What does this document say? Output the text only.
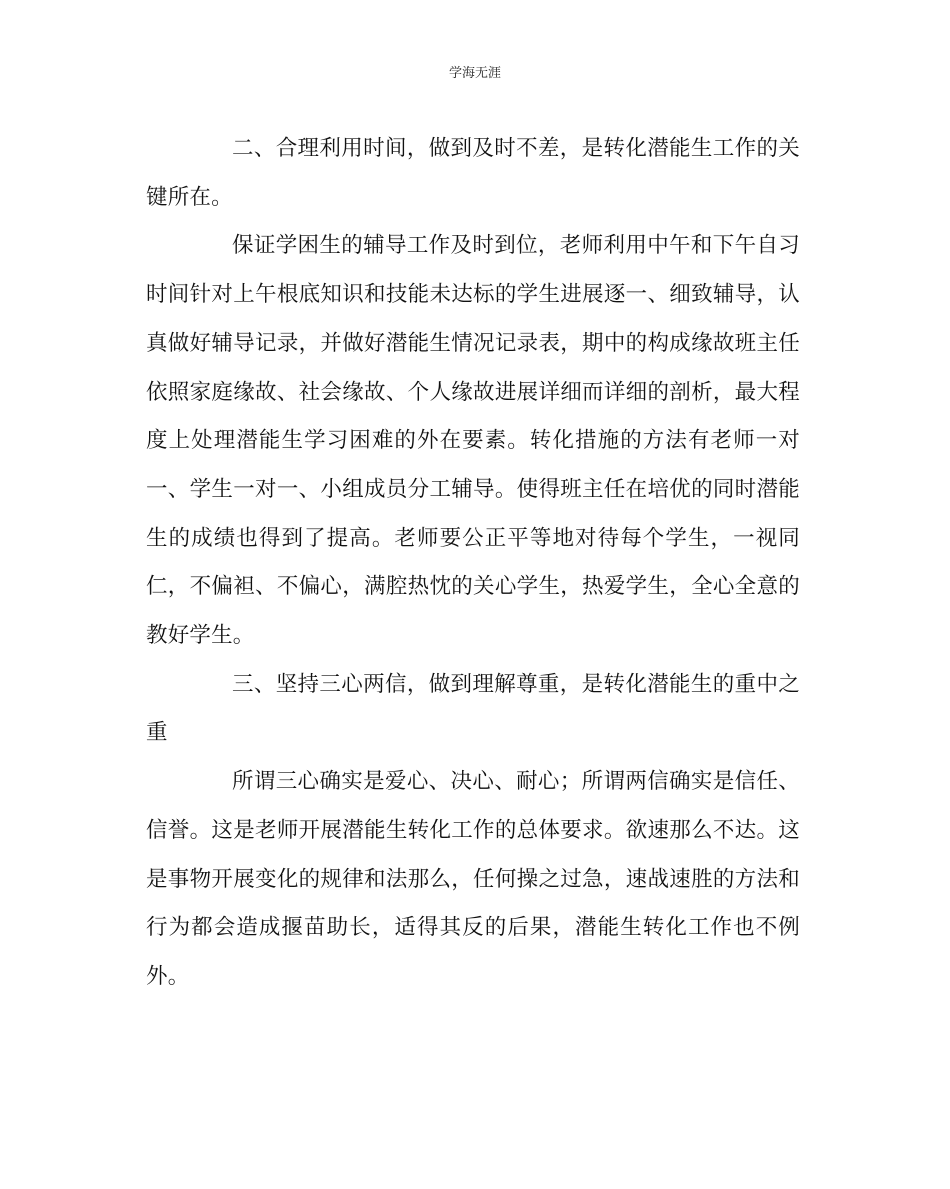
学海无涯

二、合理利用时间，做到及时不差，是转化潜能生工作的关键所在。

保证学困生的辅导工作及时到位，老师利用中午和下午自习时间针对上午根底知识和技能未达标的学生进展逐一、细致辅导，认真做好辅导记录，并做好潜能生情况记录表，期中的构成缘故班主任依照家庭缘故、社会缘故、个人缘故进展详细而详细的剖析，最大程度上处理潜能生学习困难的外在要素。转化措施的方法有老师一对一、学生一对一、小组成员分工辅导。使得班主任在培优的同时潜能生的成绩也得到了提高。老师要公正平等地对待每个学生，一视同仁，不偏袒、不偏心，满腔热忱的关心学生，热爱学生，全心全意的教好学生。

三、坚持三心两信，做到理解尊重，是转化潜能生的重中之重

所谓三心确实是爱心、决心、耐心；所谓两信确实是信任、信誉。这是老师开展潜能生转化工作的总体要求。欲速那么不达。这是事物开展变化的规律和法那么，任何操之过急，速战速胜的方法和行为都会造成揠苗助长，适得其反的后果，潜能生转化工作也不例外。
